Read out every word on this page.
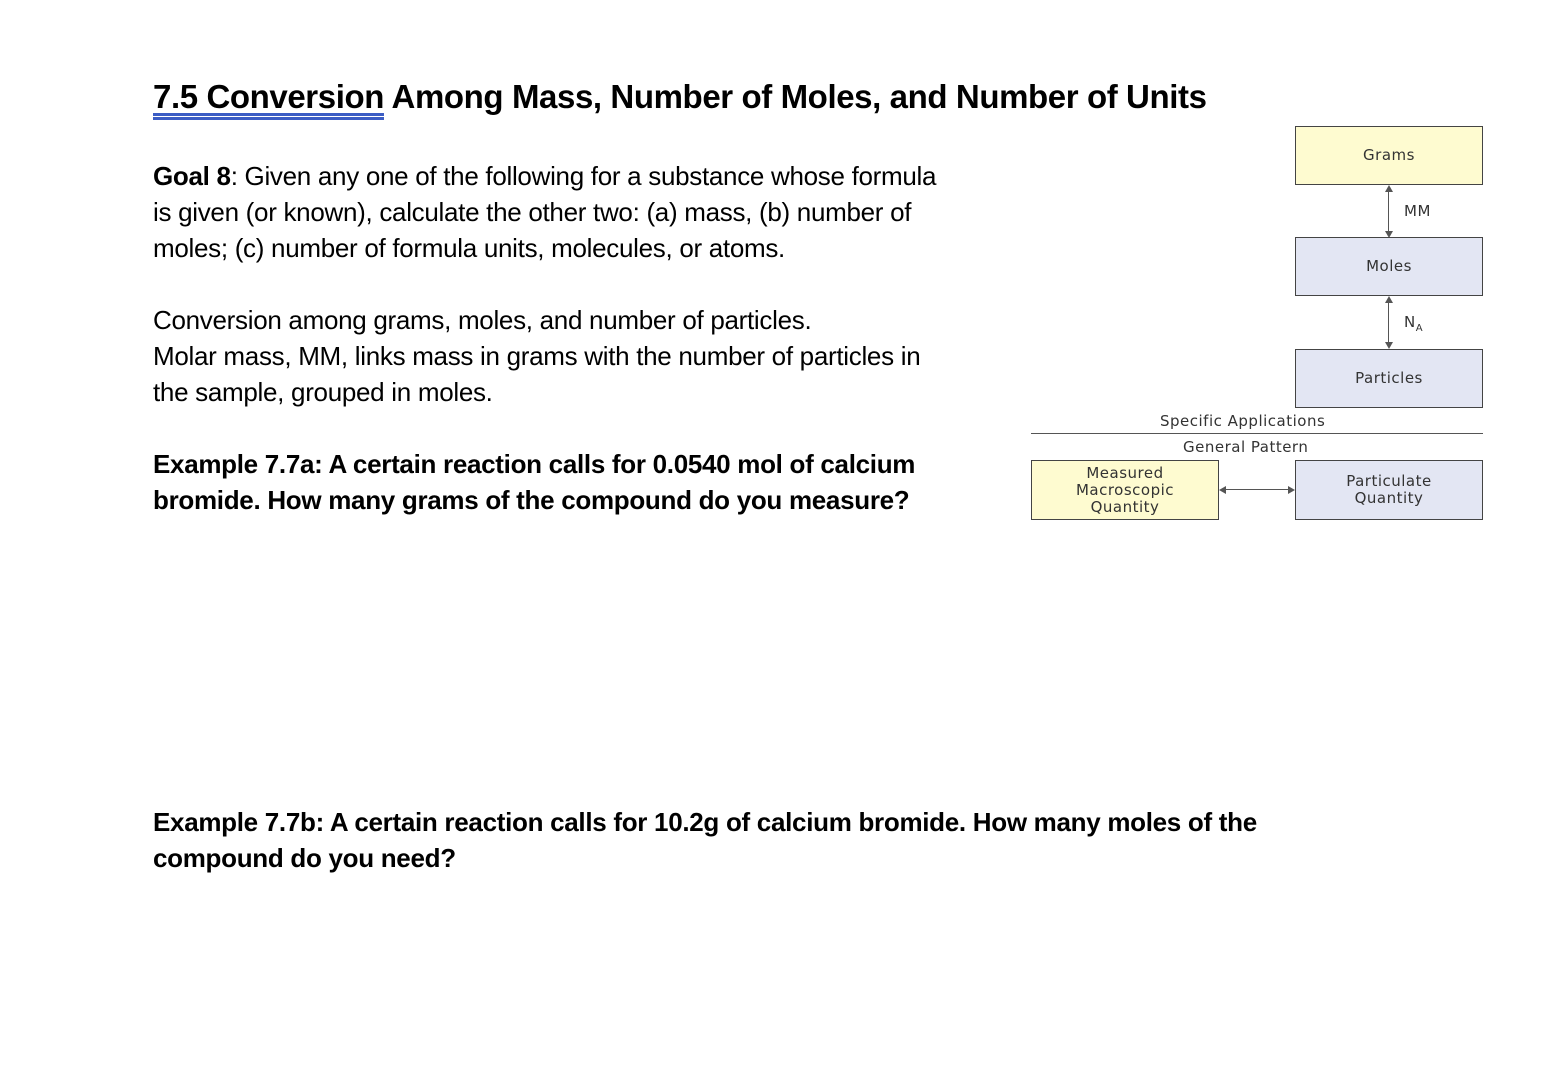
7.5 Conversion Among Mass, Number of Moles, and Number of Units
Goal 8: Given any one of the following for a substance whose formula
is given (or known), calculate the other two: (a) mass, (b) number of
moles; (c) number of formula units, molecules, or atoms.
Conversion among grams, moles, and number of particles.
Molar mass, MM, links mass in grams with the number of particles in
the sample, grouped in moles.
Example 7.7a: A certain reaction calls for 0.0540 mol of calcium
bromide. How many grams of the compound do you measure?
Example 7.7b: A certain reaction calls for 10.2g of calcium bromide. How many moles of the
compound do you need?
Grams
MM
Moles
$N_A$
Particles
Specific Applications
General Pattern
Measured
Macroscopic
Quantity
Particulate
Quantity
